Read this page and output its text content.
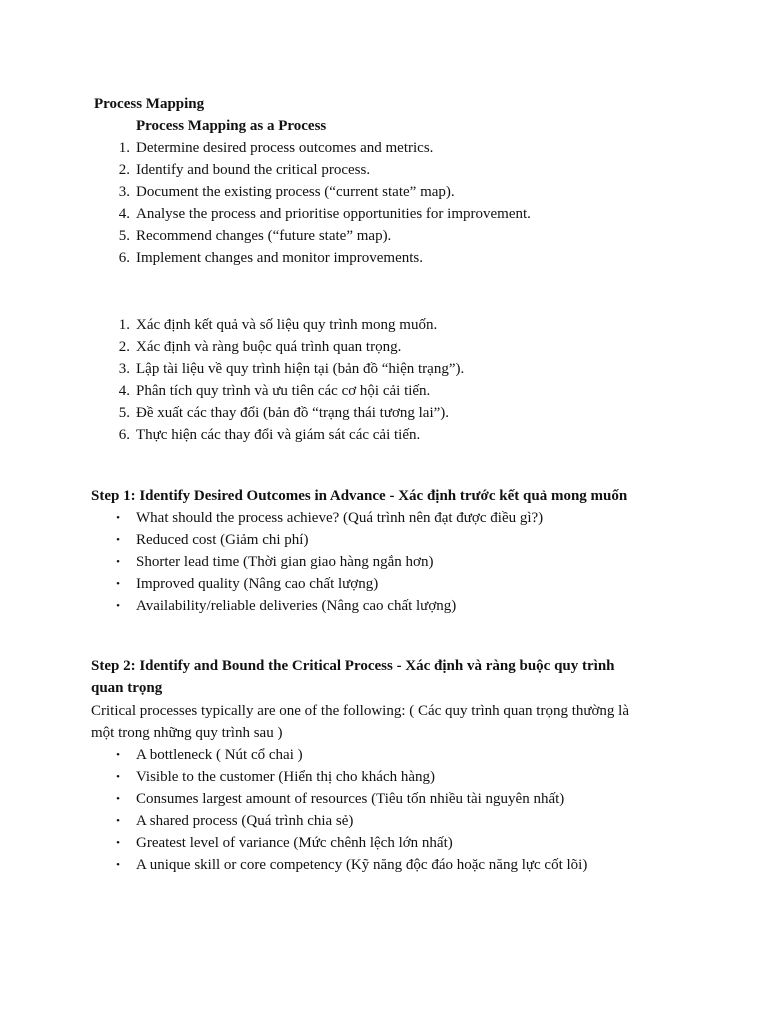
Process Mapping
Process Mapping as a Process
1. Determine desired process outcomes and metrics.
2. Identify and bound the critical process.
3. Document the existing process (“current state” map).
4. Analyse the process and prioritise opportunities for improvement.
5. Recommend changes (“future state” map).
6. Implement changes and monitor improvements.
1. Xác định kết quả và số liệu quy trình mong muốn.
2. Xác định và ràng buộc quá trình quan trọng.
3. Lập tài liệu về quy trình hiện tại (bản đồ “hiện trạng”).
4. Phân tích quy trình và ưu tiên các cơ hội cải tiến.
5. Đề xuất các thay đổi (bản đồ “trạng thái tương lai”).
6. Thực hiện các thay đổi và giám sát các cải tiến.
Step 1: Identify Desired Outcomes in Advance - Xác định trước kết quả mong muốn
• What should the process achieve? (Quá trình nên đạt được điều gì?)
• Reduced cost (Giảm chi phí)
• Shorter lead time (Thời gian giao hàng ngắn hơn)
• Improved quality (Nâng cao chất lượng)
• Availability/reliable deliveries (Nâng cao chất lượng)
Step 2: Identify and Bound the Critical Process - Xác định và ràng buộc quy trình
quan trọng
Critical processes typically are one of the following: ( Các quy trình quan trọng thường là
một trong những quy trình sau )
• A bottleneck ( Nút cổ chai )
• Visible to the customer (Hiển thị cho khách hàng)
• Consumes largest amount of resources (Tiêu tốn nhiều tài nguyên nhất)
• A shared process (Quá trình chia sẻ)
• Greatest level of variance (Mức chênh lệch lớn nhất)
• A unique skill or core competency (Kỹ năng độc đáo hoặc năng lực cốt lõi)
